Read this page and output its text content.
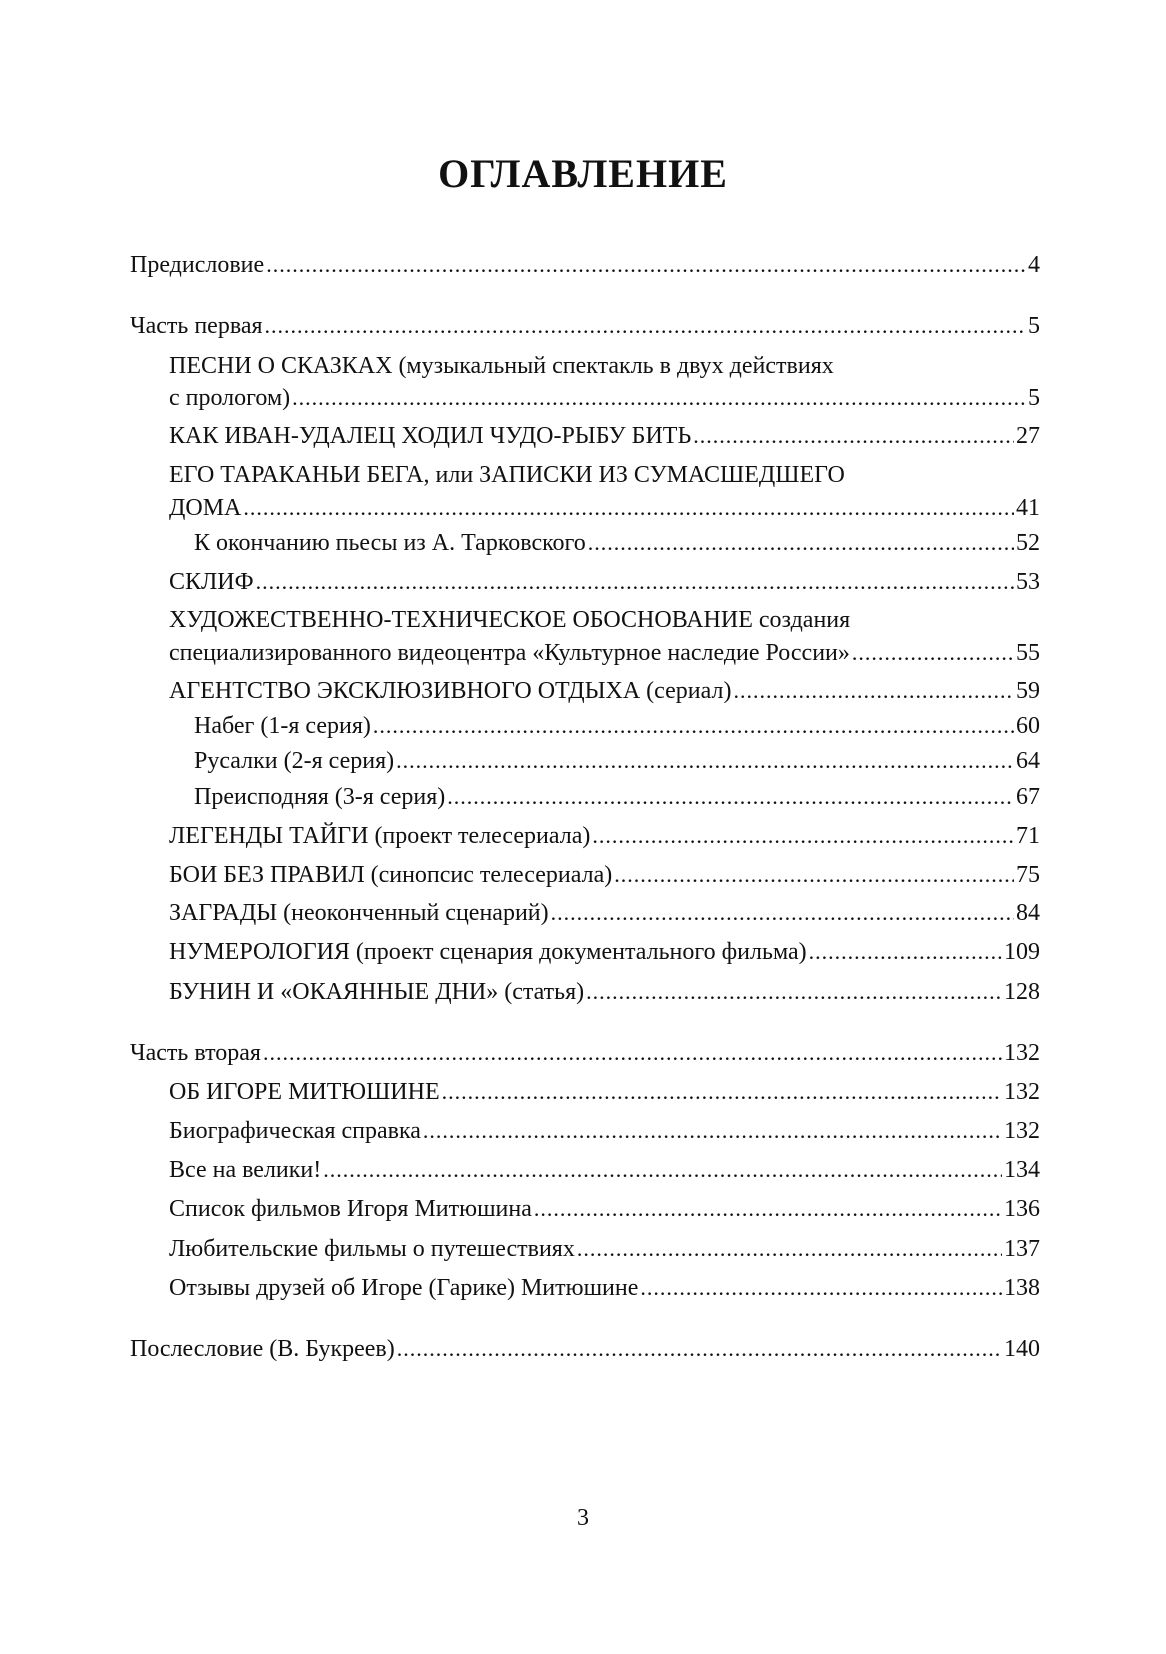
ОГЛАВЛЕНИЕ
Предисловие .....	4
Часть первая .....	5
ПЕСНИ О СКАЗКАХ (музыкальный спектакль в двух действиях
с прологом) .....	5
КАК ИВАН-УДАЛЕЦ ХОДИЛ ЧУДО-РЫБУ БИТЬ .....	27
ЕГО ТАРАКАНЬИ БЕГА, или ЗАПИСКИ ИЗ СУМАСШЕДШЕГО
ДОМА .....	41
К окончанию пьесы из А. Тарковского .....	52
СКЛИФ .....	53
ХУДОЖЕСТВЕННО-ТЕХНИЧЕСКОЕ ОБОСНОВАНИЕ создания
специализированного видеоцентра «Культурное наследие России» .....	55
АГЕНТСТВО ЭКСКЛЮЗИВНОГО ОТДЫХА (сериал) .....	59
Набег (1-я серия) .....	60
Русалки (2-я серия) .....	64
Преисподняя (3-я серия) .....	67
ЛЕГЕНДЫ ТАЙГИ (проект телесериала) .....	71
БОИ БЕЗ ПРАВИЛ (синопсис телесериала) .....	75
ЗАГРАДЫ (неоконченный сценарий) .....	84
НУМЕРОЛОГИЯ (проект сценария документального фильма) .....	109
БУНИН И «ОКАЯННЫЕ ДНИ» (статья) .....	128
Часть вторая .....	132
ОБ ИГОРЕ МИТЮШИНЕ .....	132
Биографическая справка .....	132
Все на велики! .....	134
Список фильмов Игоря Митюшина .....	136
Любительские фильмы о путешествиях .....	137
Отзывы друзей об Игоре (Гарике) Митюшине .....	138
Послесловие (В. Букреев) .....	140
3
